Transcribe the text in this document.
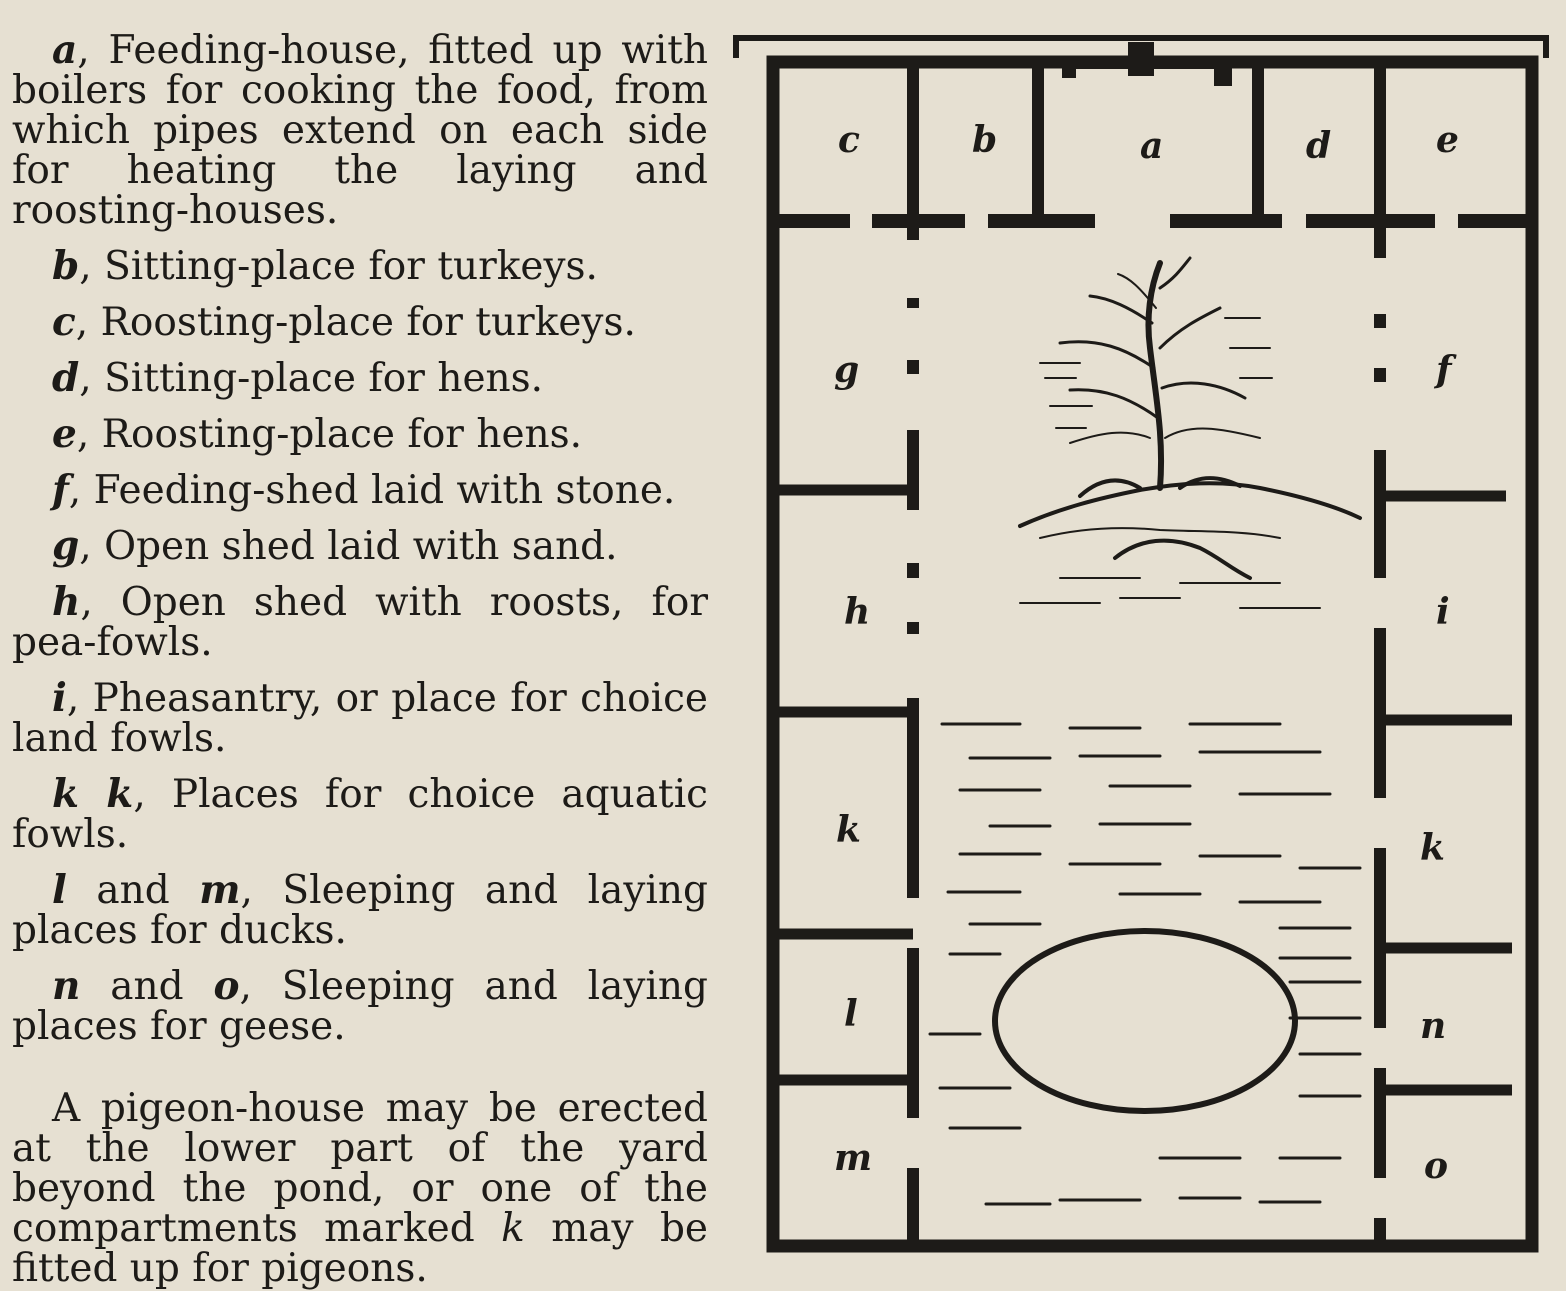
a, Feeding-house, fitted up with boilers for cooking the food, from which pipes extend on each side for heating the laying and roosting-houses.
b, Sitting-place for turkeys.
c, Roosting-place for turkeys.
d, Sitting-place for hens.
e, Roosting-place for hens.
f, Feeding-shed laid with stone.
g, Open shed laid with sand.
h, Open shed with roosts, for pea-fowls.
i, Pheasantry, or place for choice land fowls.
k k, Places for choice aquatic fowls.
l and m, Sleeping and laying places for ducks.
n and o, Sleeping and laying places for geese.
A pigeon-house may be erected at the lower part of the yard beyond the pond, or one of the compartments marked k may be fitted up for pigeons.
c	b	a	d	e
g	f
h	i
k	k
l	n
m	o
